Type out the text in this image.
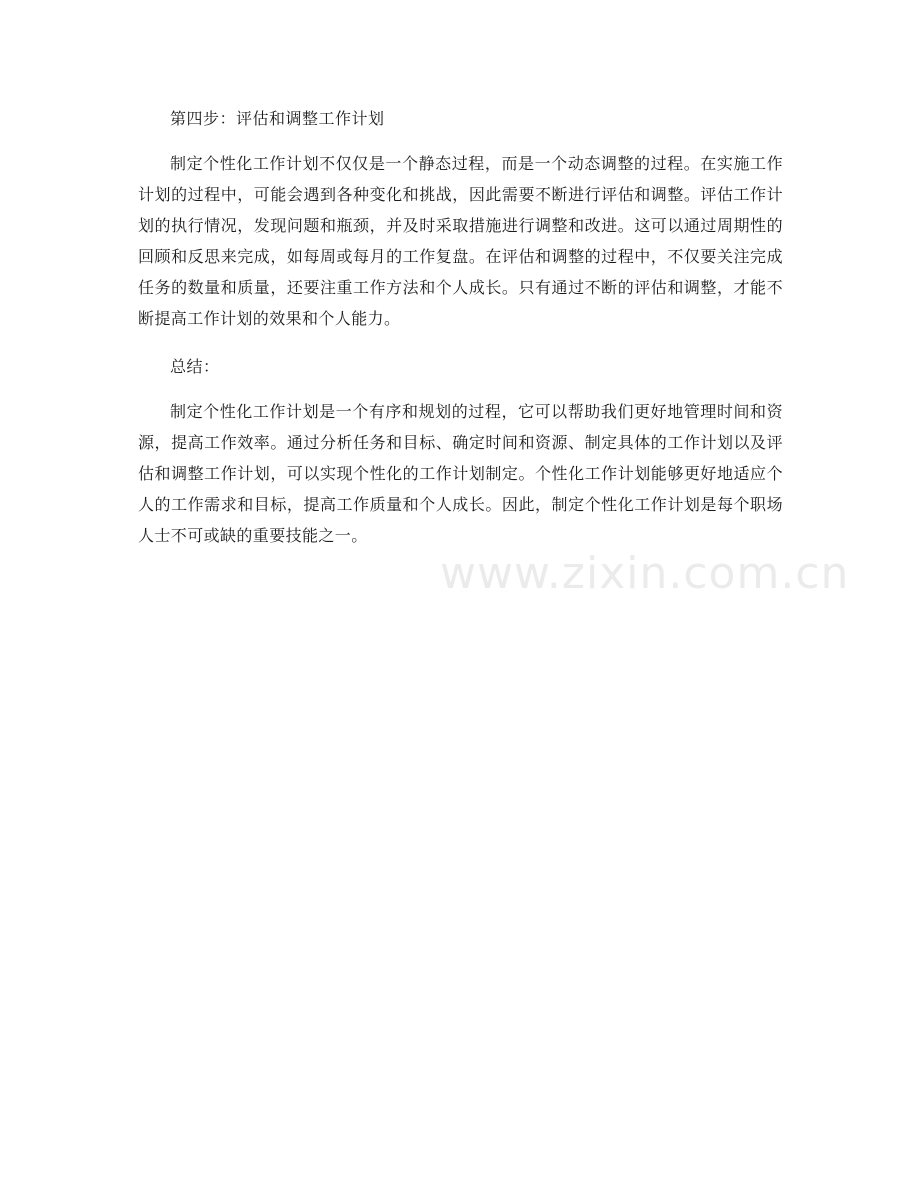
第四步：评估和调整工作计划

制定个性化工作计划不仅仅是一个静态过程，而是一个动态调整的过程。在实施工作计划的过程中，可能会遇到各种变化和挑战，因此需要不断进行评估和调整。评估工作计划的执行情况，发现问题和瓶颈，并及时采取措施进行调整和改进。这可以通过周期性的回顾和反思来完成，如每周或每月的工作复盘。在评估和调整的过程中，不仅要关注完成任务的数量和质量，还要注重工作方法和个人成长。只有通过不断的评估和调整，才能不断提高工作计划的效果和个人能力。

总结：

制定个性化工作计划是一个有序和规划的过程，它可以帮助我们更好地管理时间和资源，提高工作效率。通过分析任务和目标、确定时间和资源、制定具体的工作计划以及评估和调整工作计划，可以实现个性化的工作计划制定。个性化工作计划能够更好地适应个人的工作需求和目标，提高工作质量和个人成长。因此，制定个性化工作计划是每个职场人士不可或缺的重要技能之一。

www.zixin.com.cn
